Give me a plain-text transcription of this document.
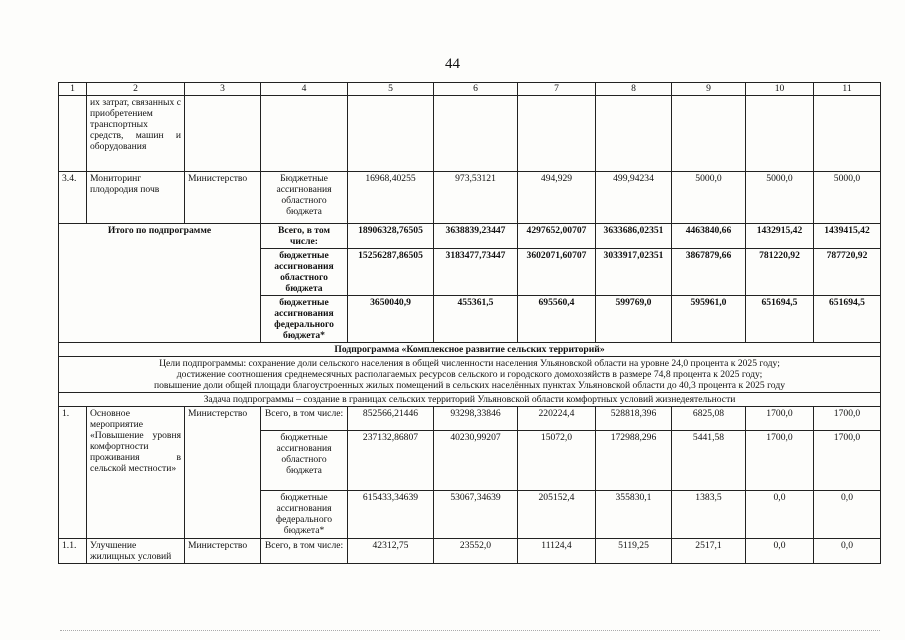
44
1	2	3	4	5	6	7	8	9	10	11
	их затрат, связанных с приобретением транспортных средств, машин и оборудования									
3.4.	Мониторинг плодородия почв	Министерство	Бюджетные ассигнования областного бюджета	16968,40255	973,53121	494,929	499,94234	5000,0	5000,0	5000,0
Итого по подпрограмме			Всего, в том числе:	18906328,76505	3638839,23447	4297652,00707	3633686,02351	4463840,66	1432915,42	1439415,42
			бюджетные ассигнования областного бюджета	15256287,86505	3183477,73447	3602071,60707	3033917,02351	3867879,66	781220,92	787720,92
			бюджетные ассигнования федерального бюджета*	3650040,9	455361,5	695560,4	599769,0	595961,0	651694,5	651694,5
Подпрограмма «Комплексное развитие сельских территорий»										

Цели подпрограммы: сохранение доли сельского населения в общей численности населения Ульяновской области на уровне 24,0 процента к 2025 году;
достижение соотношения среднемесячных располагаемых ресурсов сельского и городского домохозяйств в размере 74,8 процента к 2025 году;
повышение доли общей площади благоустроенных жилых помещений в сельских населённых пунктах Ульяновской области до 40,3 процента к 2025 году										

Задача подпрограммы – создание в границах сельских территорий Ульяновской области комфортных условий жизнедеятельности										
1.	Основное мероприятие «Повышение уровня комфортности проживания в сельской местности»	Министерство	Всего, в том числе:	852566,21446	93298,33846	220224,4	528818,396	6825,08	1700,0	1700,0
			бюджетные ассигнования областного бюджета	237132,86807	40230,99207	15072,0	172988,296	5441,58	1700,0	1700,0
			бюджетные ассигнования федерального бюджета*	615433,34639	53067,34639	205152,4	355830,1	1383,5	0,0	0,0
1.1.	Улучшение жилищных условий	Министерство	Всего, в том числе:	42312,75	23552,0	11124,4	5119,25	2517,1	0,0	0,0
